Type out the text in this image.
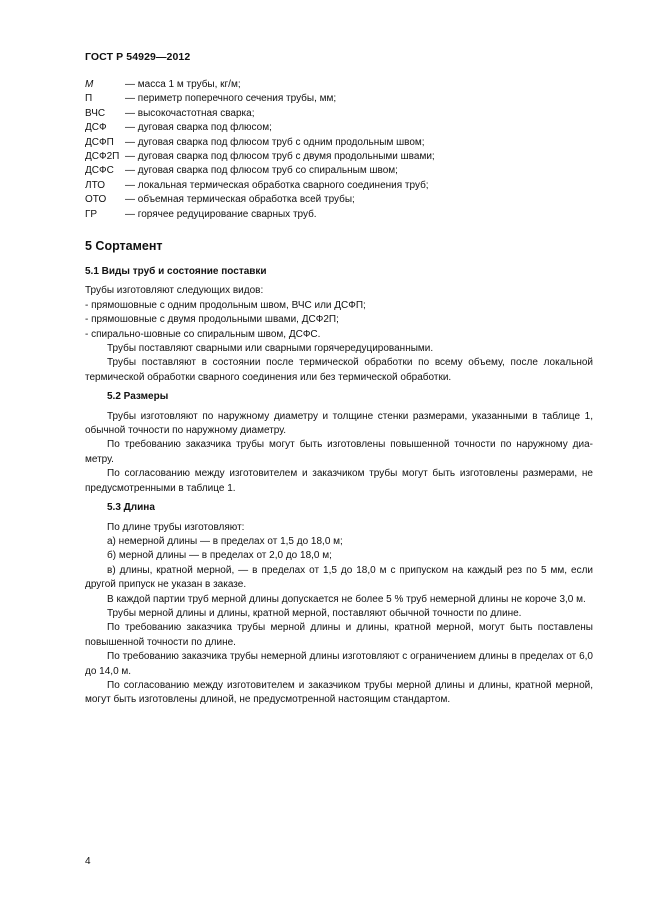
ГОСТ Р 54929—2012
M	— масса 1 м трубы, кг/м;
П	— периметр поперечного сечения трубы, мм;
ВЧС	— высокочастотная сварка;
ДСФ	— дуговая сварка под флюсом;
ДСФП	— дуговая сварка под флюсом труб с одним продольным швом;
ДСФ2П — дуговая сварка под флюсом труб с двумя продольными швами;
ДСФС	— дуговая сварка под флюсом труб со спиральным швом;
ЛТО	— локальная термическая обработка сварного соединения труб;
ОТО	— объемная термическая обработка всей трубы;
ГР	— горячее редуцирование сварных труб.
5 Сортамент

5.1 Виды труб и состояние поставки

Трубы изготовляют следующих видов:

- прямошовные с одним продольным швом, ВЧС или ДСФП;

- прямошовные с двумя продольными швами, ДСФ2П;

- спирально-шовные со спиральным швом, ДСФС.

Трубы поставляют сварными или сварными горячередуцированными.

Трубы поставляют в состоянии после термической обработки по всему объему, после локальной термической обработки сварного соединения или без термической обработки.

5.2 Размеры

Трубы изготовляют по наружному диаметру и толщине стенки размерами, указанными в таблице 1, обычной точности по наружному диаметру.

По требованию заказчика трубы могут быть изготовлены повышенной точности по наружному диа-метру.

По согласованию между изготовителем и заказчиком трубы могут быть изготовлены размерами, не предусмотренными в таблице 1.

5.3 Длина

По длине трубы изготовляют:

а) немерной длины — в пределах от 1,5 до 18,0 м;

б) мерной длины — в пределах от 2,0 до 18,0 м;

в) длины, кратной мерной, — в пределах от 1,5 до 18,0 м с припуском на каждый рез по 5 мм, если другой припуск не указан в заказе.

В каждой партии труб мерной длины допускается не более 5 % труб немерной длины не короче 3,0 м.

Трубы мерной длины и длины, кратной мерной, поставляют обычной точности по длине.

По требованию заказчика трубы мерной длины и длины, кратной мерной, могут быть поставлены повышенной точности по длине.

По требованию заказчика трубы немерной длины изготовляют с ограничением длины в пределах от 6,0 до 14,0 м.

По согласованию между изготовителем и заказчиком трубы мерной длины и длины, кратной мерной, могут быть изготовлены длиной, не предусмотренной настоящим стандартом.

4
